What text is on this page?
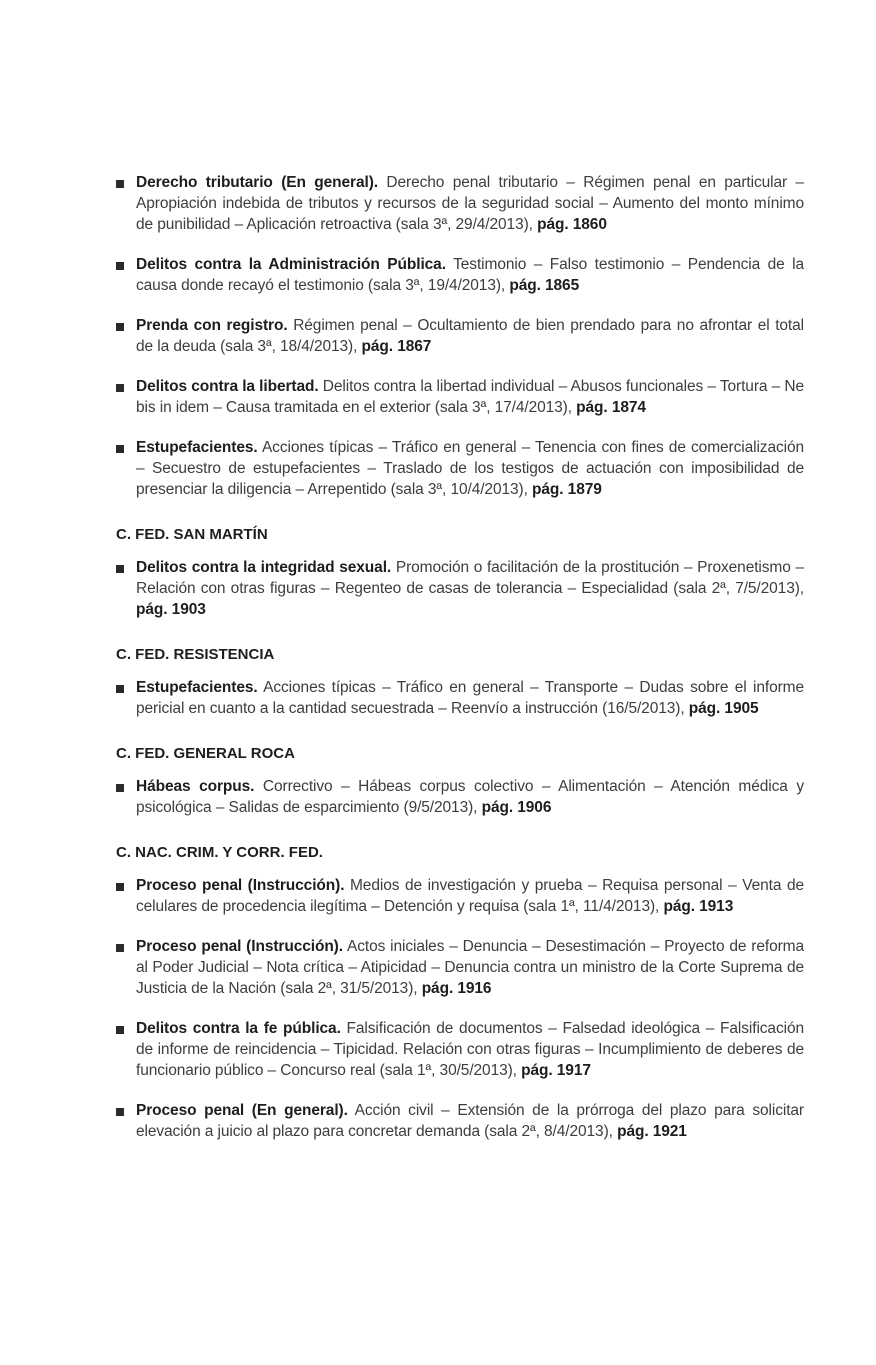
Derecho tributario (En general). Derecho penal tributario – Régimen penal en particular – Apropiación indebida de tributos y recursos de la seguridad social – Aumento del monto mínimo de punibilidad – Aplicación retroactiva (sala 3ª, 29/4/2013), pág. 1860
Delitos contra la Administración Pública. Testimonio – Falso testimonio – Pendencia de la causa donde recayó el testimonio (sala 3ª, 19/4/2013), pág. 1865
Prenda con registro. Régimen penal – Ocultamiento de bien prendado para no afrontar el total de la deuda (sala 3ª, 18/4/2013), pág. 1867
Delitos contra la libertad. Delitos contra la libertad individual – Abusos funcionales – Tortura – Ne bis in idem – Causa tramitada en el exterior (sala 3ª, 17/4/2013), pág. 1874
Estupefacientes. Acciones típicas – Tráfico en general – Tenencia con fines de comercialización – Secuestro de estupefacientes – Traslado de los testigos de actuación con imposibilidad de presenciar la diligencia – Arrepentido (sala 3ª, 10/4/2013), pág. 1879
C. FED. SAN MARTÍN
Delitos contra la integridad sexual. Promoción o facilitación de la prostitución – Proxenetismo – Relación con otras figuras – Regenteo de casas de tolerancia – Especialidad (sala 2ª, 7/5/2013), pág. 1903
C. FED. RESISTENCIA
Estupefacientes. Acciones típicas – Tráfico en general – Transporte – Dudas sobre el informe pericial en cuanto a la cantidad secuestrada – Reenvío a instrucción (16/5/2013), pág. 1905
C. FED. GENERAL ROCA
Hábeas corpus. Correctivo – Hábeas corpus colectivo – Alimentación – Atención médica y psicológica – Salidas de esparcimiento (9/5/2013), pág. 1906
C. NAC. CRIM. Y CORR. FED.
Proceso penal (Instrucción). Medios de investigación y prueba – Requisa personal – Venta de celulares de procedencia ilegítima – Detención y requisa (sala 1ª, 11/4/2013), pág. 1913
Proceso penal (Instrucción). Actos iniciales – Denuncia – Desestimación – Proyecto de reforma al Poder Judicial – Nota crítica – Atipicidad – Denuncia contra un ministro de la Corte Suprema de Justicia de la Nación (sala 2ª, 31/5/2013), pág. 1916
Delitos contra la fe pública. Falsificación de documentos – Falsedad ideológica – Falsificación de informe de reincidencia – Tipicidad. Relación con otras figuras – Incumplimiento de deberes de funcionario público – Concurso real (sala 1ª, 30/5/2013), pág. 1917
Proceso penal (En general). Acción civil – Extensión de la prórroga del plazo para solicitar elevación a juicio al plazo para concretar demanda (sala 2ª, 8/4/2013), pág. 1921
